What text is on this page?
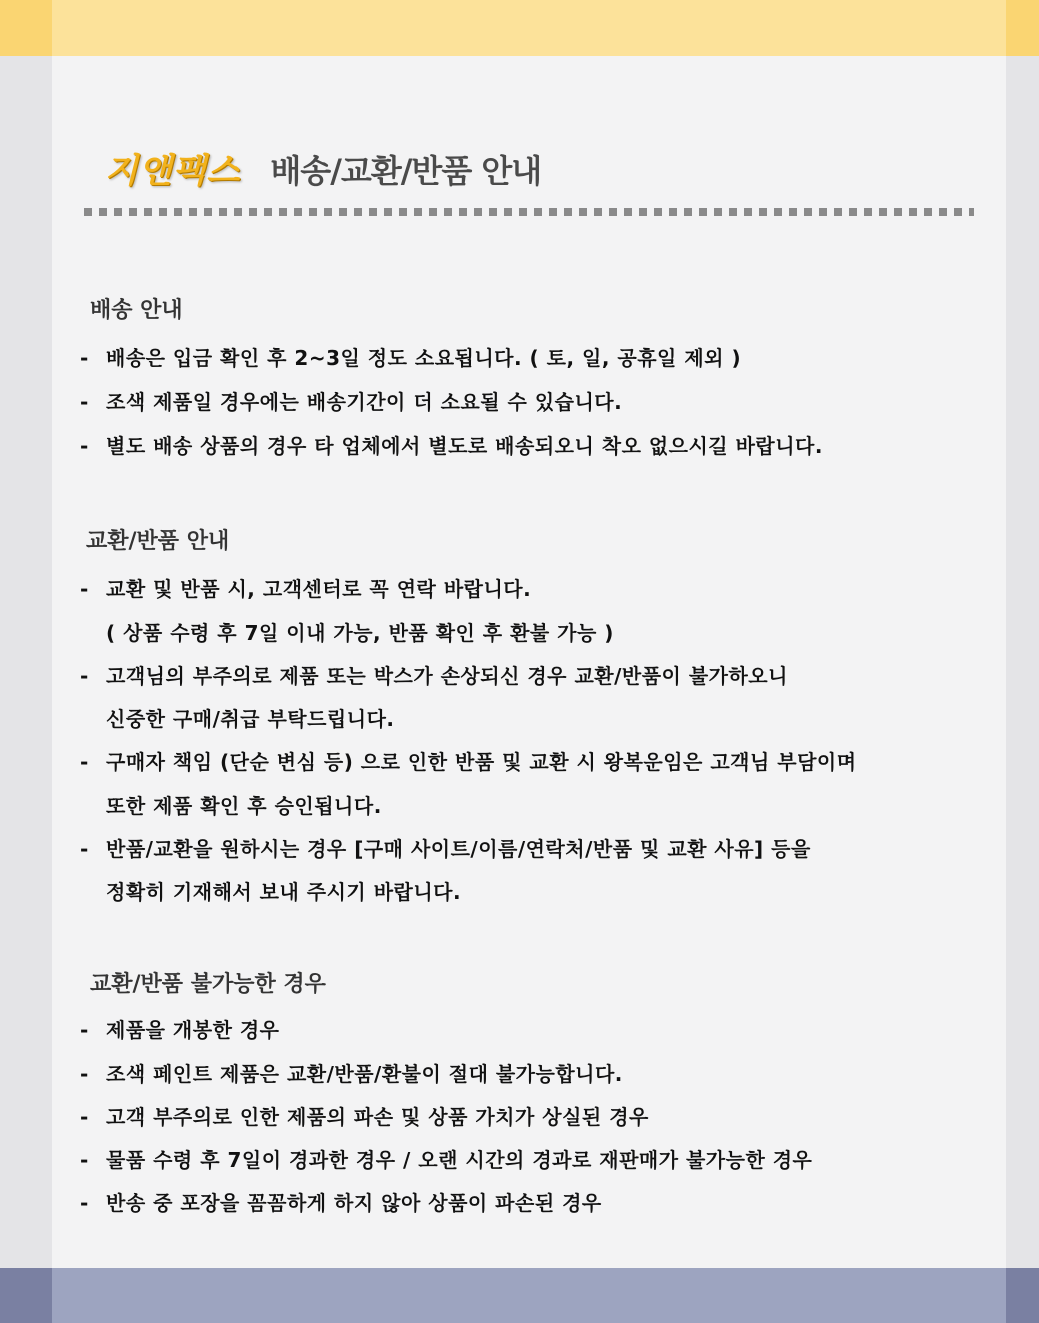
지앤팩스 배송/교환/반품 안내
배송 안내
- 배송은 입금 확인 후 2~3일 정도 소요됩니다. ( 토, 일, 공휴일 제외 )
- 조색 제품일 경우에는 배송기간이 더 소요될 수 있습니다.
- 별도 배송 상품의 경우 타 업체에서 별도로 배송되오니 착오 없으시길 바랍니다.
교환/반품 안내
- 교환 및 반품 시, 고객센터로 꼭 연락 바랍니다.
( 상품 수령 후 7일 이내 가능, 반품 확인 후 환불 가능 )
- 고객님의 부주의로 제품 또는 박스가 손상되신 경우 교환/반품이 불가하오니
신중한 구매/취급 부탁드립니다.
- 구매자 책임 (단순 변심 등) 으로 인한 반품 및 교환 시 왕복운임은 고객님 부담이며
또한 제품 확인 후 승인됩니다.
- 반품/교환을 원하시는 경우 [구매 사이트/이름/연락처/반품 및 교환 사유] 등을
정확히 기재해서 보내 주시기 바랍니다.
교환/반품 불가능한 경우
- 제품을 개봉한 경우
- 조색 페인트 제품은 교환/반품/환불이 절대 불가능합니다.
- 고객 부주의로 인한 제품의 파손 및 상품 가치가 상실된 경우
- 물품 수령 후 7일이 경과한 경우 / 오랜 시간의 경과로 재판매가 불가능한 경우
- 반송 중 포장을 꼼꼼하게 하지 않아 상품이 파손된 경우
